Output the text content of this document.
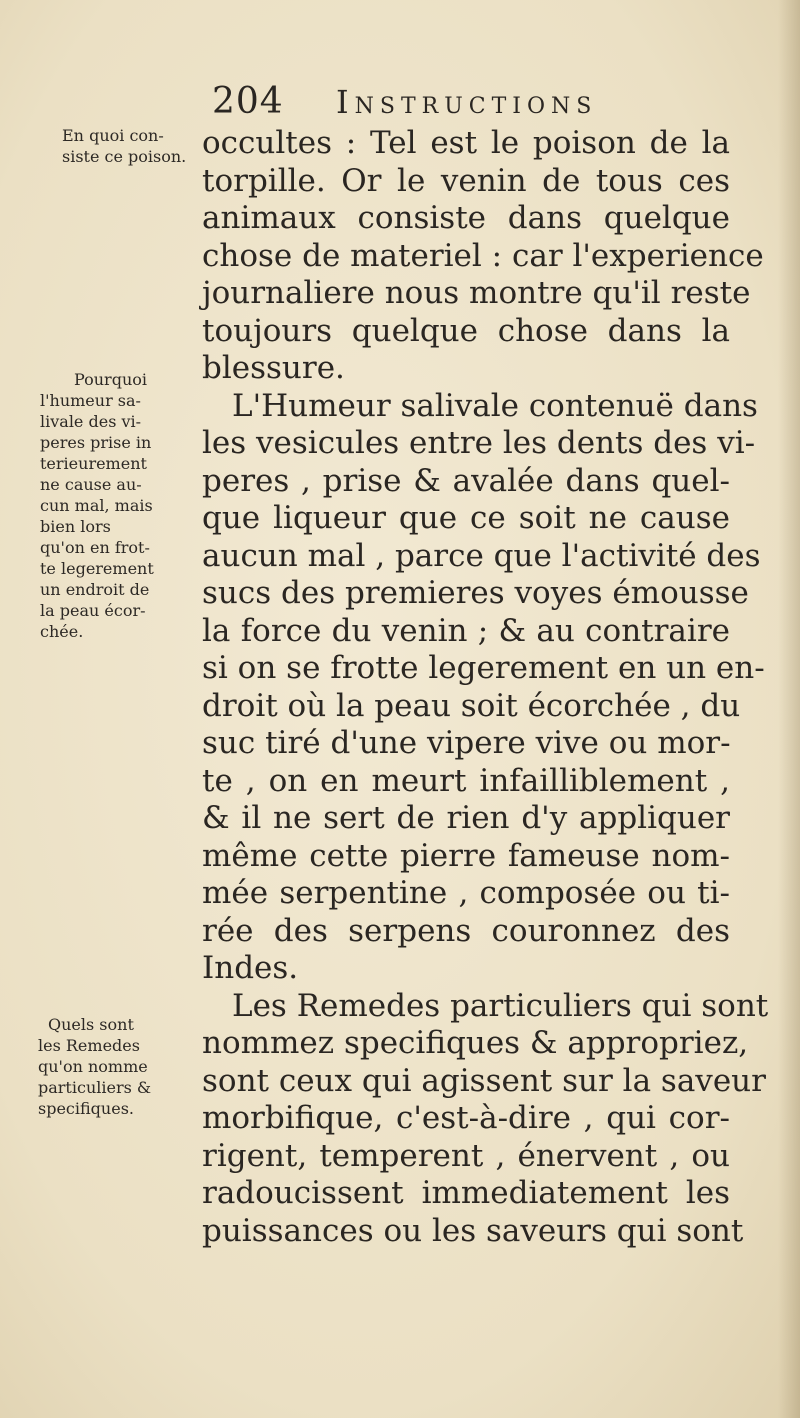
204 Instructions
En quoi con-
siste ce poison.
Pourquoi
l'humeur sa-
livale des vi-
peres prise in
terieurement
ne cause au-
cun mal, mais
bien lors
qu'on en frot-
te legerement
un endroit de
la peau écor-
chée.
Quels sont
les Remedes
qu'on nomme
particuliers &
specifiques.
occultes : Tel est le poison de la
torpille. Or le venin de tous ces
animaux consiste dans quelque
chose de materiel : car l'experience
journaliere nous montre qu'il reste
toujours quelque chose dans la
blessure.
L'Humeur salivale contenuë dans
les vesicules entre les dents des vi-
peres , prise & avalée dans quel-
que liqueur que ce soit ne cause
aucun mal , parce que l'activité des
sucs des premieres voyes émousse
la force du venin ; & au contraire
si on se frotte legerement en un en-
droit où la peau soit écorchée , du
suc tiré d'une vipere vive ou mor-
te , on en meurt infailliblement ,
& il ne sert de rien d'y appliquer
même cette pierre fameuse nom-
mée serpentine , composée ou ti-
rée des serpens couronnez des
Indes.
Les Remedes particuliers qui sont
nommez specifiques & appropriez,
sont ceux qui agissent sur la saveur
morbifique, c'est-à-dire , qui cor-
rigent, temperent , énervent , ou
radoucissent immediatement les
puissances ou les saveurs qui sont
